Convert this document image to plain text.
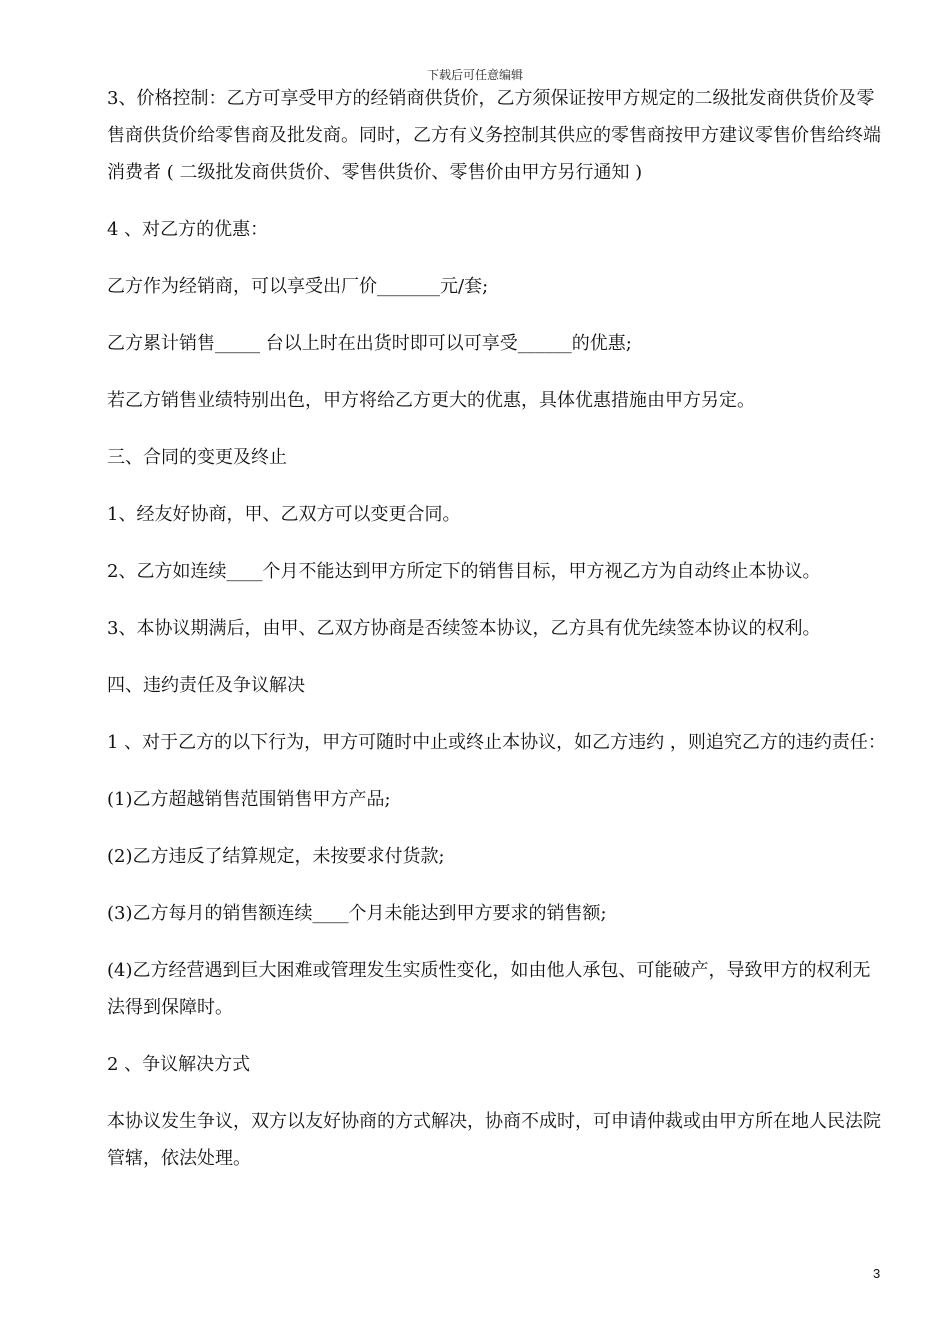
下载后可任意编辑

3、价格控制：乙方可享受甲方的经销商供货价，乙方须保证按甲方规定的二级批发商供货价及零售商供货价给零售商及批发商。同时，乙方有义务控制其供应的零售商按甲方建议零售价售给终端消费者 ( 二级批发商供货价、零售供货价、零售价由甲方另行通知 )

4 、对乙方的优惠：

乙方作为经销商，可以享受出厂价_______元/套;

乙方累计销售_____ 台以上时在出货时即可以可享受______的优惠;

若乙方销售业绩特别出色，甲方将给乙方更大的优惠，具体优惠措施由甲方另定。

三、合同的变更及终止

1、经友好协商，甲、乙双方可以变更合同。

2、乙方如连续____个月不能达到甲方所定下的销售目标，甲方视乙方为自动终止本协议。

3、本协议期满后，由甲、乙双方协商是否续签本协议，乙方具有优先续签本协议的权利。

四、违约责任及争议解决

1 、对于乙方的以下行为，甲方可随时中止或终止本协议，如乙方违约 ，则追究乙方的违约责任：

(1)乙方超越销售范围销售甲方产品;

(2)乙方违反了结算规定，未按要求付货款;

(3)乙方每月的销售额连续____个月未能达到甲方要求的销售额;

(4)乙方经营遇到巨大困难或管理发生实质性变化，如由他人承包、可能破产，导致甲方的权利无法得到保障时。

2 、争议解决方式

本协议发生争议，双方以友好协商的方式解决，协商不成时，可申请仲裁或由甲方所在地人民法院管辖，依法处理。

3
